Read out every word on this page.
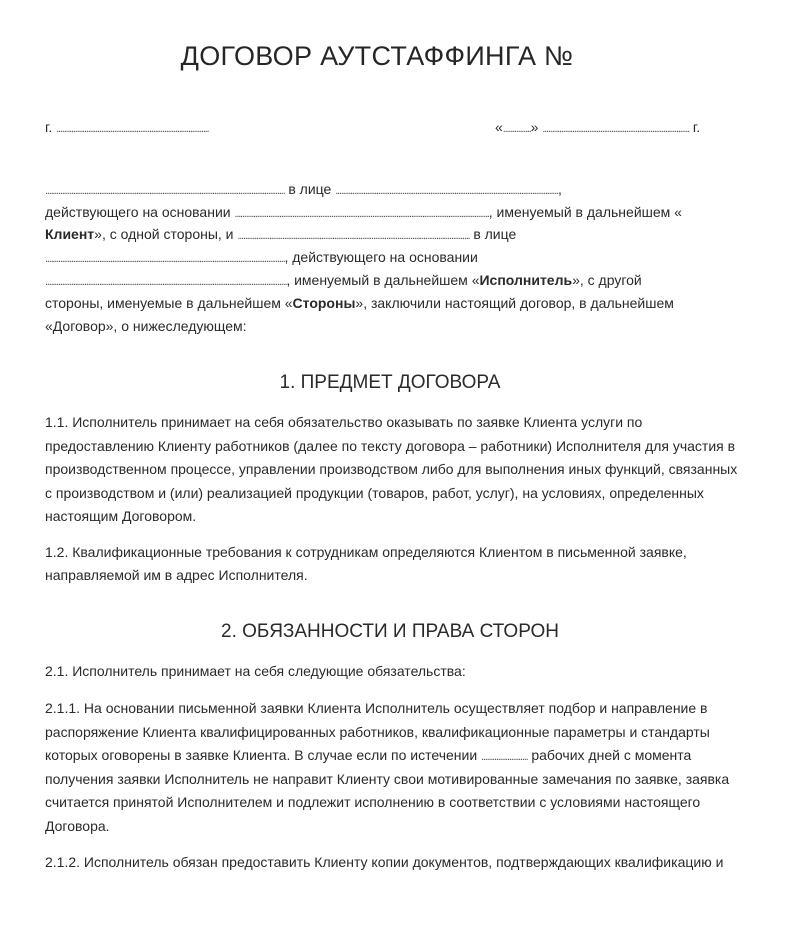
ДОГОВОР АУТСТАФФИНГА №
г. ..................................................................................	«...............» ............................................................................... г.
................................................................................................................................. в лице ........................................................................................................................,
действующего на основании ........................................................................................................................................., именуемый в дальнейшем «
Клиент», с одной стороны, и ............................................................................................................................. в лице
................................................................................................................................., действующего на основании
.................................................................................................................................., именуемый в дальнейшем «Исполнитель», с другой
стороны, именуемые в дальнейшем «Стороны», заключили настоящий договор, в дальнейшем
«Договор», о нижеследующем:
1. ПРЕДМЕТ ДОГОВОРА
1.1. Исполнитель принимает на себя обязательство оказывать по заявке Клиента услуги по
предоставлению Клиенту работников (далее по тексту договора – работники) Исполнителя для участия в
производственном процессе, управлении производством либо для выполнения иных функций, связанных
с производством и (или) реализацией продукции (товаров, работ, услуг), на условиях, определенных
настоящим Договором.
1.2. Квалификационные требования к сотрудникам определяются Клиентом в письменной заявке,
направляемой им в адрес Исполнителя.
2. ОБЯЗАННОСТИ И ПРАВА СТОРОН
2.1. Исполнитель принимает на себя следующие обязательства:
2.1.1. На основании письменной заявки Клиента Исполнитель осуществляет подбор и направление в
распоряжение Клиента квалифицированных работников, квалификационные параметры и стандарты
которых оговорены в заявке Клиента. В случае если по истечении ......................... рабочих дней с момента
получения заявки Исполнитель не направит Клиенту свои мотивированные замечания по заявке, заявка
считается принятой Исполнителем и подлежит исполнению в соответствии с условиями настоящего
Договора.
2.1.2. Исполнитель обязан предоставить Клиенту копии документов, подтверждающих квалификацию и
